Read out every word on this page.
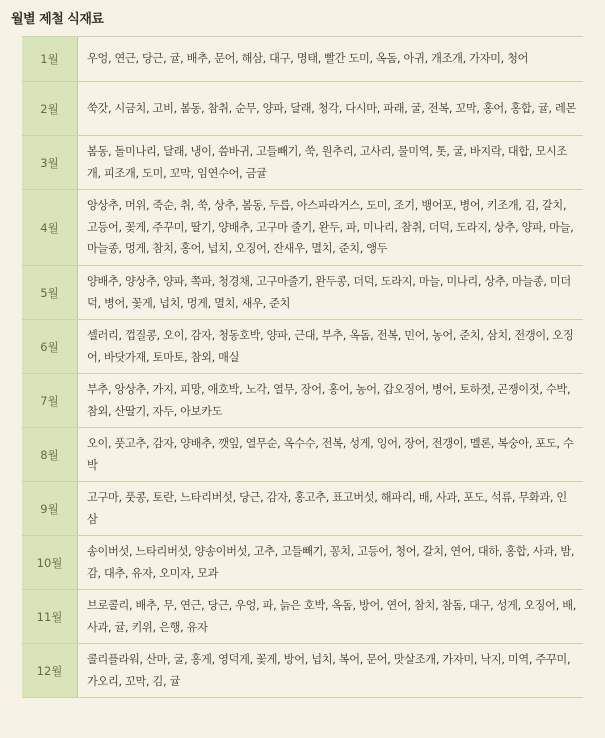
월별 제철 식재료
1월	우엉, 연근, 당근, 귤, 배추, 문어, 해삼, 대구, 명태, 빨간 도미, 옥돔, 아귀, 개조개, 가자미, 청어
2월	쑥갓, 시금치, 고비, 봄동, 참취, 순무, 양파, 달래, 청각, 다시마, 파래, 굴, 전복, 꼬막, 홍어, 홍합, 귤, 레몬
3월
봄동, 돌미나리, 달래, 냉이, 씀바귀, 고들빼기, 쑥, 원추리, 고사리, 물미역, 톳, 굴, 바지락, 대합, 모시조개, 피조개, 도미, 꼬막, 임연수어, 금귤
4월
앙상추, 머위, 죽순, 취, 쑥, 상추, 봄동, 두릅, 아스파라거스, 도미, 조기, 뱅어포, 병어, 키조개, 김, 갈치, 고등어, 꽃게, 주꾸미, 딸기, 양배추, 고구마 줄기, 완두, 파, 미나리, 참취, 더덕, 도라지, 상추, 양파, 마늘, 마늘종, 멍게, 참치, 홍어, 넙치, 오징어, 잔새우, 멸치, 준치, 앵두
5월
양배추, 양상추, 양파, 쪽파, 청경채, 고구마줄기, 완두콩, 더덕, 도라지, 마늘, 미나리, 상추, 마늘종, 미더덕, 병어, 꽃게, 넙치, 멍게, 멸치, 새우, 준치
6월
셀러리, 껍질콩, 오이, 감자, 청동호박, 양파, 근대, 부추, 옥돔, 전복, 민어, 농어, 준치, 삼치, 전갱이, 오징어, 바닷가재, 토마토, 참외, 매실
7월
부추, 앙상추, 가지, 피망, 애호박, 노각, 열무, 장어, 홍어, 농어, 갑오징어, 병어, 토하젓, 곤쟁이젓, 수박, 참외, 산딸기, 자두, 아보카도
8월
오이, 풋고추, 감자, 양배추, 깻잎, 열무순, 옥수수, 전복, 성게, 잉어, 장어, 전갱이, 멜론, 복숭아, 포도, 수박
9월
고구마, 풋콩, 토란, 느타리버섯, 당근, 감자, 홍고추, 표고버섯, 해파리, 배, 사과, 포도, 석류, 무화과, 인삼
10월
송이버섯, 느타리버섯, 양송이버섯, 고추, 고들빼기, 꽁치, 고등어, 청어, 갈치, 연어, 대하, 홍합, 사과, 밤, 감, 대추, 유자, 오미자, 모과
11월
브로콜리, 배추, 무, 연근, 당근, 우엉, 파, 늙은 호박, 옥돔, 방어, 연어, 참치, 참돔, 대구, 성게, 오징어, 배, 사과, 귤, 키위, 은행, 유자
12월
콜리플라워, 산마, 굴, 홍게, 영덕게, 꽃게, 방어, 넙치, 복어, 문어, 맛살조개, 가자미, 낙지, 미역, 주꾸미, 가오리, 꼬막, 김, 귤
